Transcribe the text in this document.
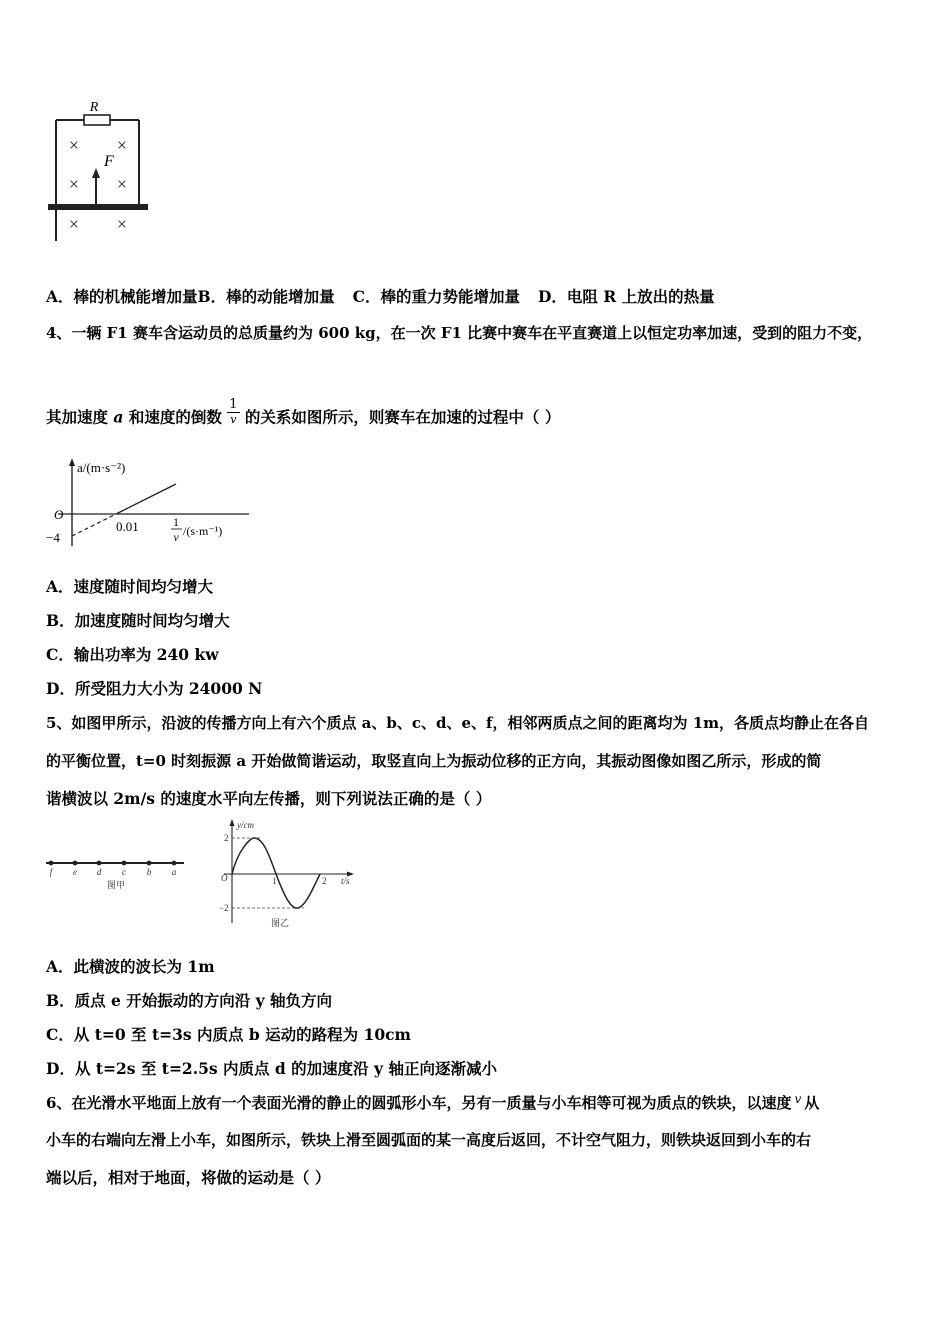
R
F
× ×
× ×
× ×
A．棒的机械能增加量B．棒的动能增加量 C．棒的重力势能增加量 D．电阻 R 上放出的热量
4、一辆 F1 赛车含运动员的总质量约为 600 kg，在一次 F1 比赛中赛车在平直赛道上以恒定功率加速，受到的阻力不变，
其加速度 a 和速度的倒数
1
v 的关系如图所示，则赛车在加速的过程中（ ）
a/(m·s⁻²)
O
−4
0.01	1
v /(s·m⁻¹)
A．速度随时间均匀增大
B．加速度随时间均匀增大
C．输出功率为 240 kw
D．所受阻力大小为 24000 N
5、如图甲所示，沿波的传播方向上有六个质点 a、b、c、d、e、f，相邻两质点之间的距离均为 1m，各质点均静止在各自
的平衡位置，t=0 时刻振源 a 开始做简谐运动，取竖直向上为振动位移的正方向，其振动图像如图乙所示，形成的简
谐横波以 2m/s 的速度水平向左传播，则下列说法正确的是（ ）
f e d c b a
图甲
y/cm
t/s
O
2
−2
1	2
图乙
A．此横波的波长为 1m
B．质点 e 开始振动的方向沿 y 轴负方向
C．从 t=0 至 t=3s 内质点 b 运动的路程为 10cm
D．从 t=2s 至 t=2.5s 内质点 d 的加速度沿 y 轴正向逐渐减小
6、在光滑水平地面上放有一个表面光滑的静止的圆弧形小车，另有一质量与小车相等可视为质点的铁块，以速度 $^v$ 从
小车的右端向左滑上小车，如图所示，铁块上滑至圆弧面的某一高度后返回，不计空气阻力，则铁块返回到小车的右
端以后，相对于地面，将做的运动是（ ）
